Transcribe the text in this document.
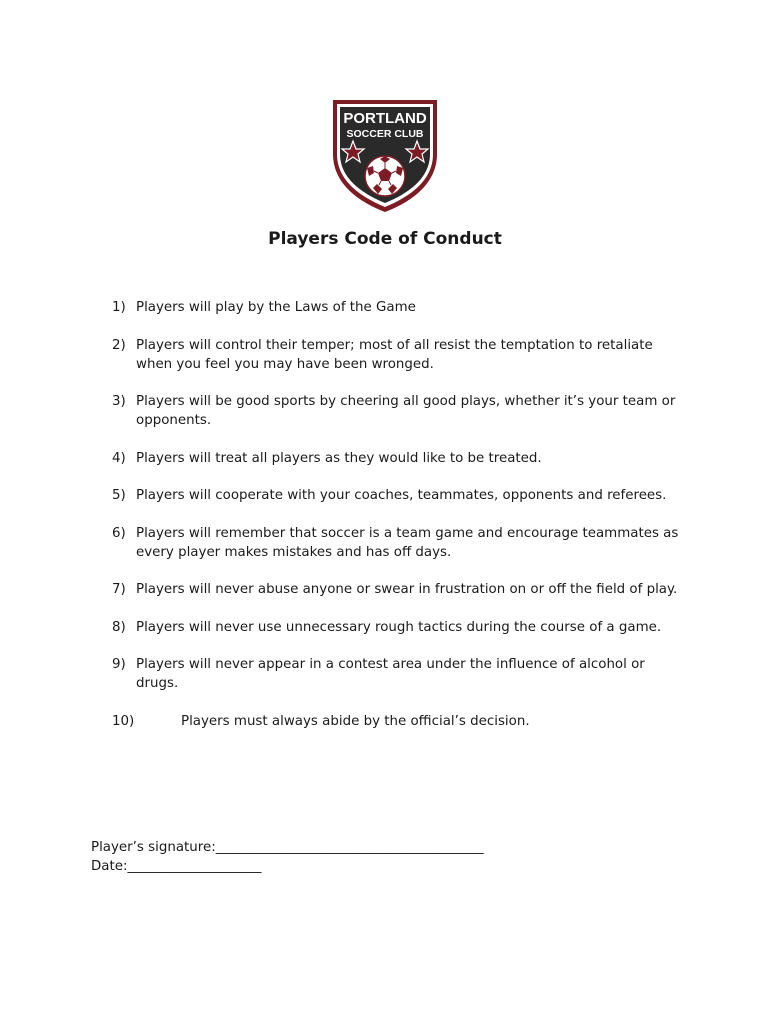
PORTLAND
SOCCER CLUB
Players Code of Conduct
1) Players will play by the Laws of the Game
2) Players will control their temper; most of all resist the temptation to retaliate when you feel you may have been wronged.
3) Players will be good sports by cheering all good plays, whether it’s your team or opponents.
4) Players will treat all players as they would like to be treated.
5) Players will cooperate with your coaches, teammates, opponents and referees.
6) Players will remember that soccer is a team game and encourage teammates as every player makes mistakes and has off days.
7) Players will never abuse anyone or swear in frustration on or off the field of play.
8) Players will never use unnecessary rough tactics during the course of a game.
9) Players will never appear in a contest area under the influence of alcohol or drugs.
10)	Players must always abide by the official’s decision.
Player’s signature:________________________________________
Date:____________________
